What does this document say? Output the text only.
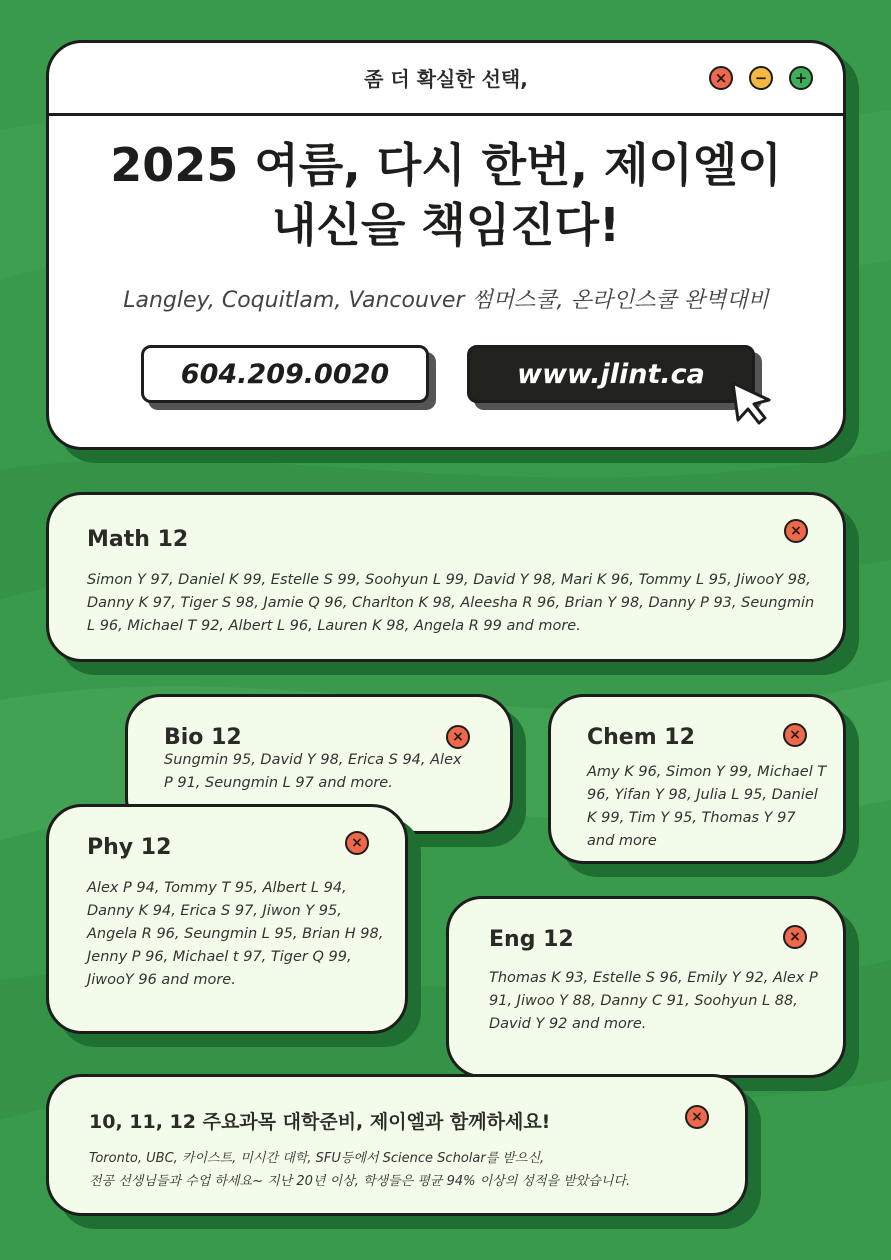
좀 더 확실한 선택,	×	−	+
2025 여름, 다시 한번, 제이엘이
내신을 책임진다!
Langley, Coquitlam, Vancouver 썸머스쿨, 온라인스쿨 완벽대비
604.209.0020	www.jlint.ca
Math 12	×
Simon Y 97, Daniel K 99, Estelle S 99, Soohyun L 99, David Y 98, Mari K 96, Tommy L 95, JiwooY 98, Danny K 97, Tiger S 98, Jamie Q 96, Charlton K 98, Aleesha R 96, Brian Y 98, Danny P 93, Seungmin L 96, Michael T 92, Albert L 96, Lauren K 98, Angela R 99 and more.
Bio 12	×
Sungmin 95, David Y 98, Erica S 94, Alex P 91, Seungmin L 97 and more.
Chem 12	×
Amy K 96, Simon Y 99, Michael T 96, Yifan Y 98, Julia L 95, Daniel K 99, Tim Y 95, Thomas Y 97 and more
Phy 12	×
Alex P 94, Tommy T 95, Albert L 94, Danny K 94, Erica S 97, Jiwon Y 95, Angela R 96, Seungmin L 95, Brian H 98, Jenny P 96, Michael t 97, Tiger Q 99, JiwooY 96 and more.
Eng 12	×
Thomas K 93, Estelle S 96, Emily Y 92, Alex P 91, Jiwoo Y 88, Danny C 91, Soohyun L 88, David Y 92 and more.
10, 11, 12 주요과목 대학준비, 제이엘과 함께하세요!	×
Toronto, UBC, 카이스트, 미시간 대학, SFU등에서 Science Scholar를 받으신,
전공 선생님들과 수업 하세요~ 지난 20년 이상, 학생들은 평균 94% 이상의 성적을 받았습니다.
